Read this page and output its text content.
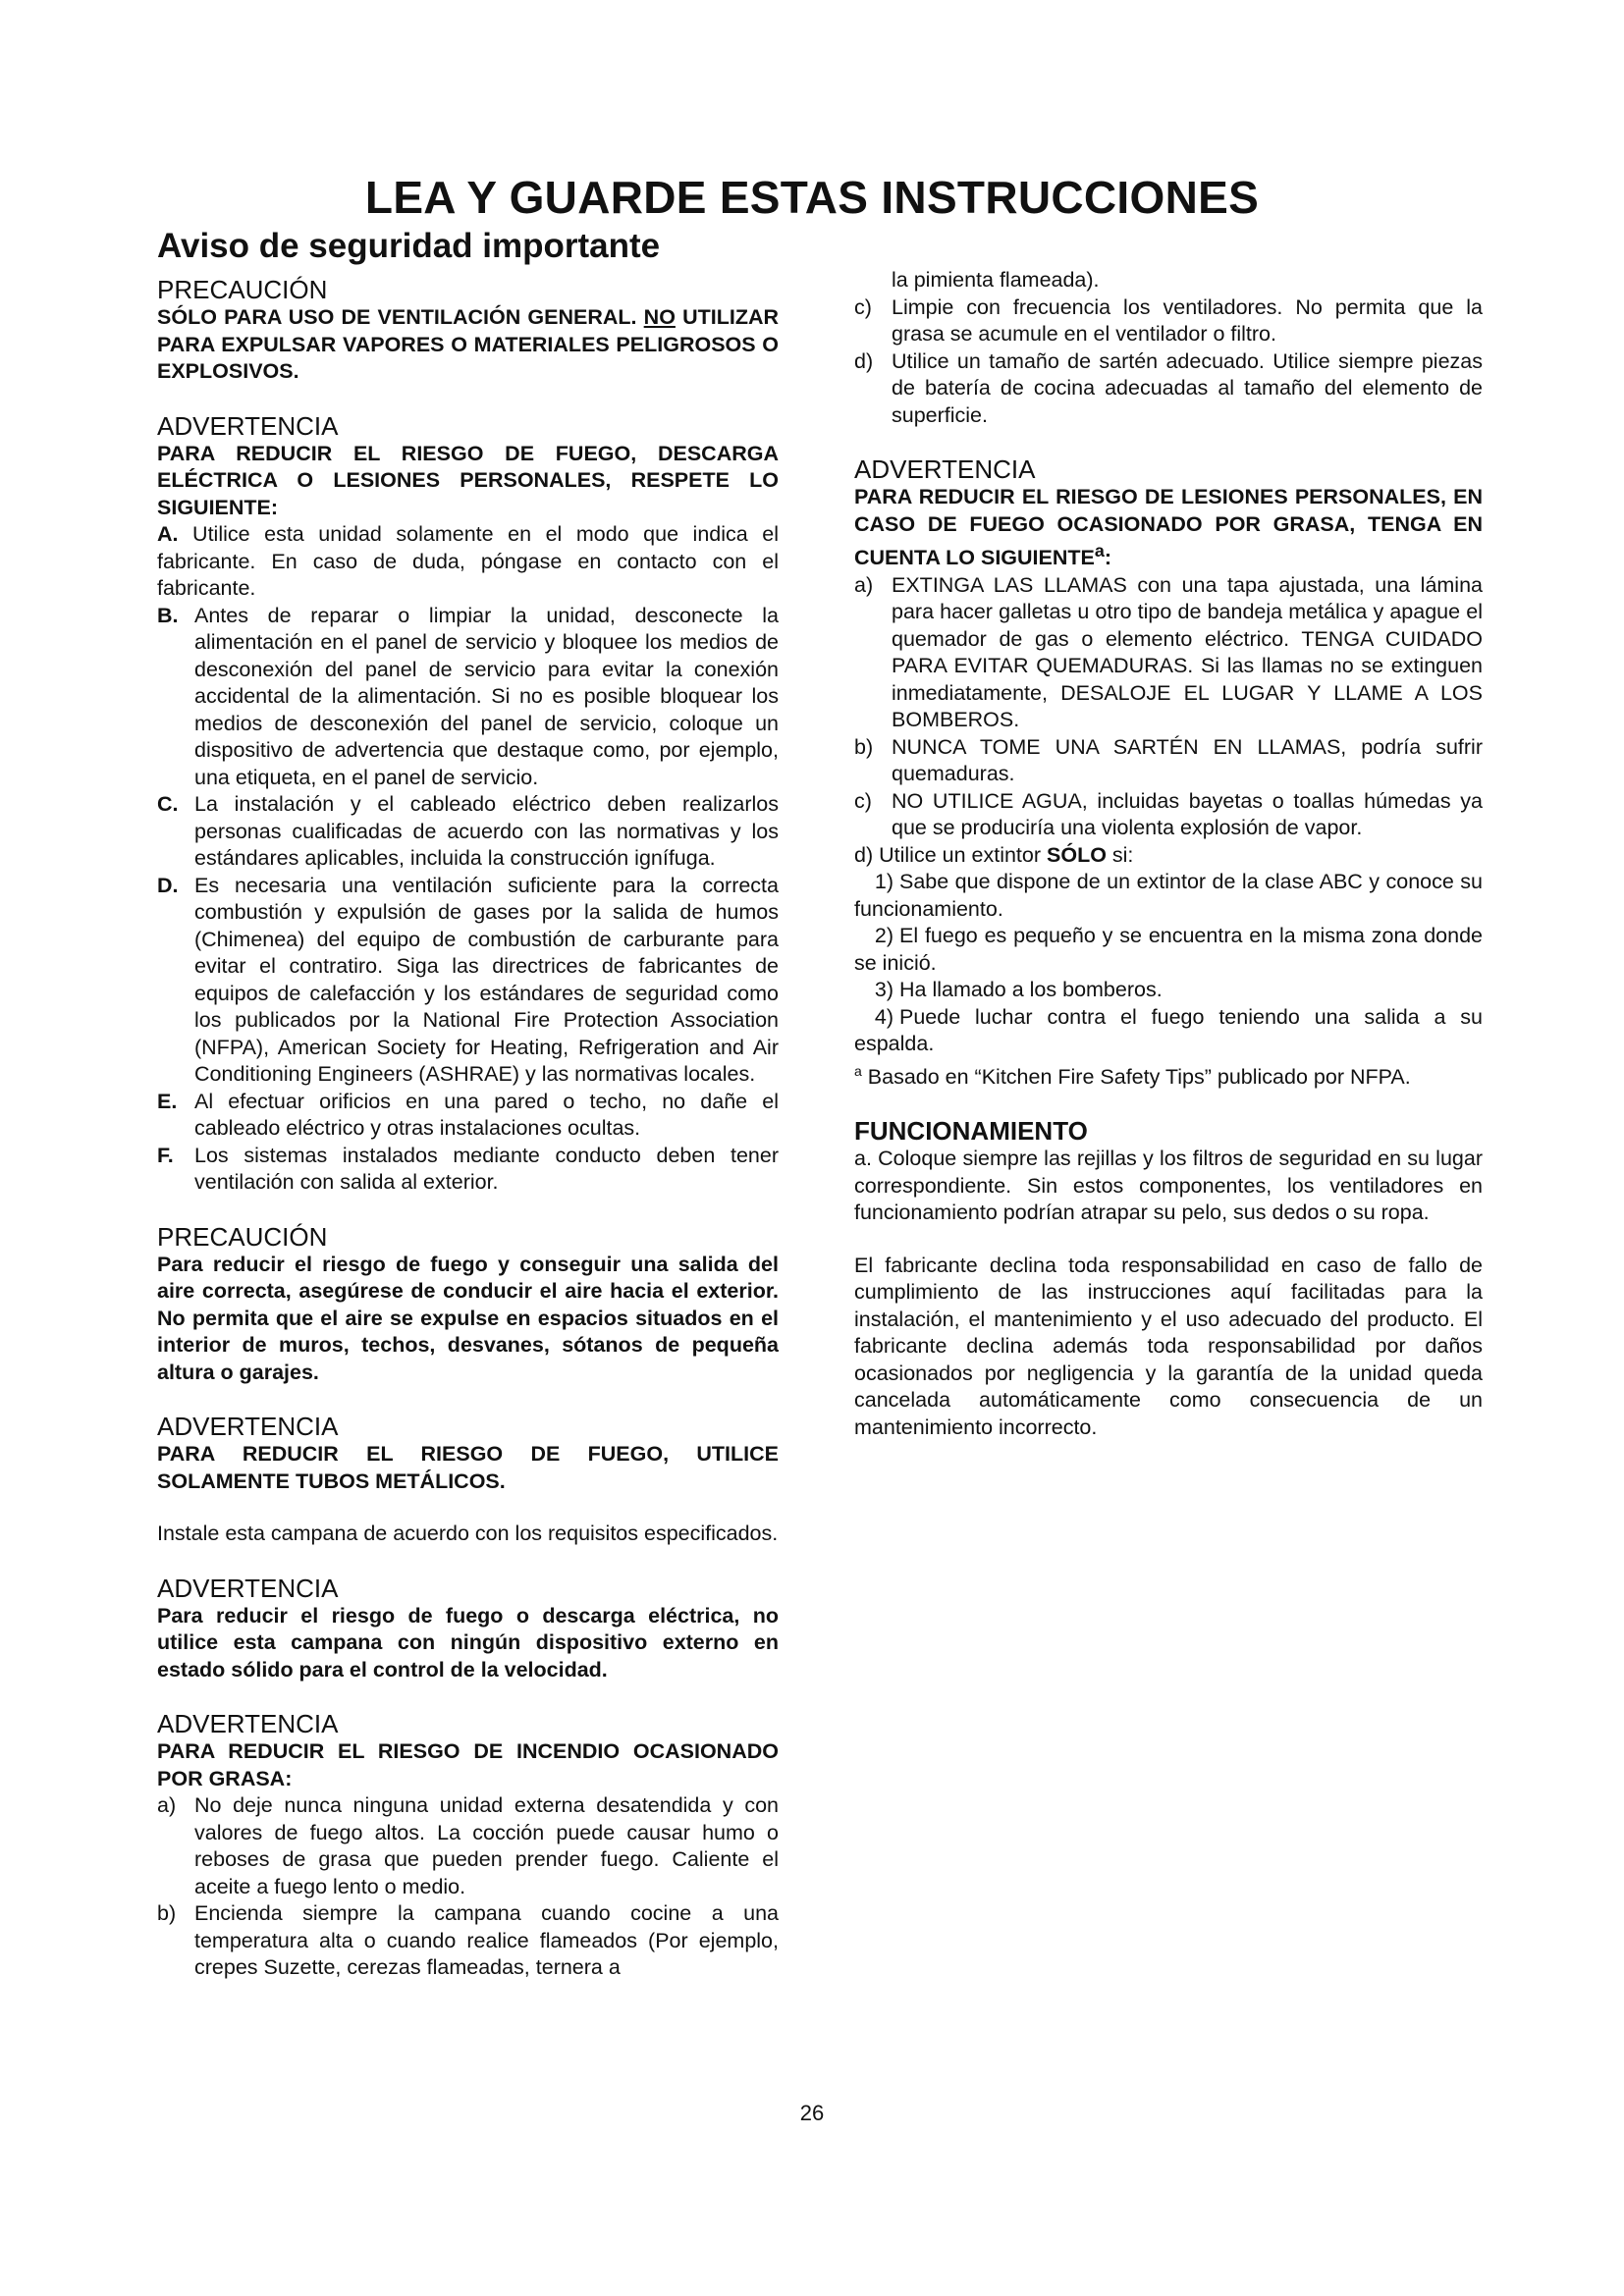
LEA Y GUARDE ESTAS INSTRUCCIONES
Aviso de seguridad importante
PRECAUCIÓN

SÓLO PARA USO DE VENTILACIÓN GENERAL. NO UTILIZAR PARA EXPULSAR VAPORES O MATERIALES PELIGROSOS O EXPLOSIVOS.

ADVERTENCIA

PARA REDUCIR EL RIESGO DE FUEGO, DESCARGA ELÉCTRICA O LESIONES PERSONALES, RESPETE LO SIGUIENTE:

A. Utilice esta unidad solamente en el modo que indica el fabricante. En caso de duda, póngase en contacto con el fabricante.

B. Antes de reparar o limpiar la unidad, desconecte la alimentación en el panel de servicio y bloquee los medios de desconexión del panel de servicio para evitar la conexión accidental de la alimentación. Si no es posible bloquear los medios de desconexión del panel de servicio, coloque un dispositivo de advertencia que destaque como, por ejemplo, una etiqueta, en el panel de servicio.
C. La instalación y el cableado eléctrico deben realizarlos personas cualificadas de acuerdo con las normativas y los estándares aplicables, incluida la construcción ignífuga.
D. Es necesaria una ventilación suficiente para la correcta combustión y expulsión de gases por la salida de humos (Chimenea) del equipo de combustión de carburante para evitar el contratiro. Siga las directrices de fabricantes de equipos de calefacción y los estándares de seguridad como los publicados por la National Fire Protection Association (NFPA), American Society for Heating, Refrigeration and Air Conditioning Engineers (ASHRAE) y las normativas locales.
E. Al efectuar orificios en una pared o techo, no dañe el cableado eléctrico y otras instalaciones ocultas.
F. Los sistemas instalados mediante conducto deben tener ventilación con salida al exterior.
PRECAUCIÓN

Para reducir el riesgo de fuego y conseguir una salida del aire correcta, asegúrese de conducir el aire hacia el exterior. No permita que el aire se expulse en espacios situados en el interior de muros, techos, desvanes, sótanos de pequeña altura o garajes.

ADVERTENCIA

PARA REDUCIR EL RIESGO DE FUEGO, UTILICE SOLAMENTE TUBOS METÁLICOS.

Instale esta campana de acuerdo con los requisitos especificados.

ADVERTENCIA

Para reducir el riesgo de fuego o descarga eléctrica, no utilice esta campana con ningún dispositivo externo en estado sólido para el control de la velocidad.

ADVERTENCIA

PARA REDUCIR EL RIESGO DE INCENDIO OCASIONADO POR GRASA:

a) No deje nunca ninguna unidad externa desatendida y con valores de fuego altos. La cocción puede causar humo o reboses de grasa que pueden prender fuego. Caliente el aceite a fuego lento o medio.
b) Encienda siempre la campana cuando cocine a una temperatura alta o cuando realice flameados (Por ejemplo, crepes Suzette, cerezas flameadas, ternera a
la pimienta flameada).
c) Limpie con frecuencia los ventiladores. No permita que la grasa se acumule en el ventilador o filtro.
d) Utilice un tamaño de sartén adecuado. Utilice siempre piezas de batería de cocina adecuadas al tamaño del elemento de superficie.
ADVERTENCIA

PARA REDUCIR EL RIESGO DE LESIONES PERSONALES, EN CASO DE FUEGO OCASIONADO POR GRASA, TENGA EN CUENTA LO SIGUIENTE$^a$:

a) EXTINGA LAS LLAMAS con una tapa ajustada, una lámina para hacer galletas u otro tipo de bandeja metálica y apague el quemador de gas o elemento eléctrico. TENGA CUIDADO PARA EVITAR QUEMADURAS. Si las llamas no se extinguen inmediatamente, DESALOJE EL LUGAR Y LLAME A LOS BOMBEROS.
b) NUNCA TOME UNA SARTÉN EN LLAMAS, podría sufrir quemaduras.
c) NO UTILICE AGUA, incluidas bayetas o toallas húmedas ya que se produciría una violenta explosión de vapor.

d) Utilice un extintor SÓLO si:

1) Sabe que dispone de un extintor de la clase ABC y conoce su funcionamiento.

2) El fuego es pequeño y se encuentra en la misma zona donde se inició.

3) Ha llamado a los bomberos.

4) Puede luchar contra el fuego teniendo una salida a su espalda.

$^a$ Basado en “Kitchen Fire Safety Tips” publicado por NFPA.

FUNCIONAMIENTO

a. Coloque siempre las rejillas y los filtros de seguridad en su lugar correspondiente. Sin estos componentes, los ventiladores en funcionamiento podrían atrapar su pelo, sus dedos o su ropa.

El fabricante declina toda responsabilidad en caso de fallo de cumplimiento de las instrucciones aquí facilitadas para la instalación, el mantenimiento y el uso adecuado del producto. El fabricante declina además toda responsabilidad por daños ocasionados por negligencia y la garantía de la unidad queda cancelada automáticamente como consecuencia de un mantenimiento incorrecto.

26
